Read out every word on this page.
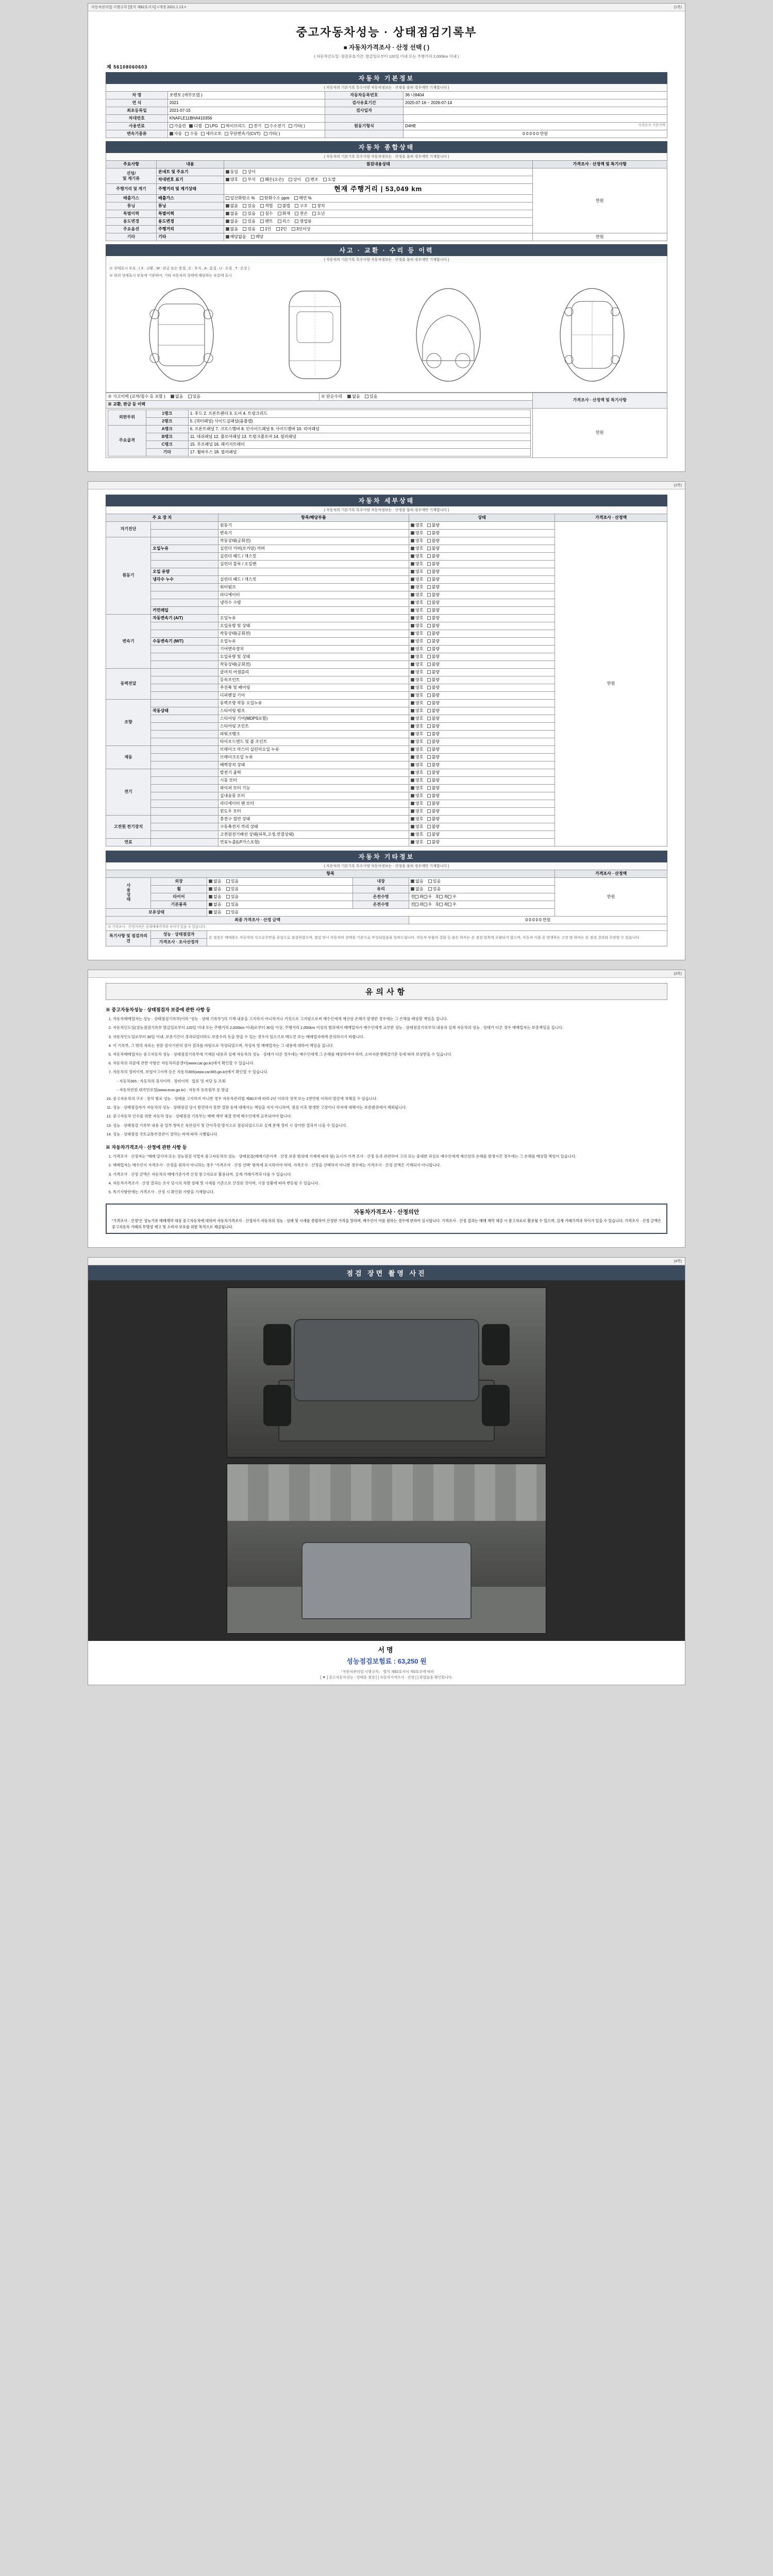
자동차관리법 시행규칙 [별지 제82호서식] <개정 2021.1.13.>	(1쪽)
중고자동차성능 · 상태점검기록부
■ 자동차가격조사 · 산정 선택 ( )
( 자동차인도일: 점검유효기간: 발급일로부터 120일 이내 또는 주행거리 2,000km 이내 )
제 56108060603
자동차 기본정보
( 자동차의 기본기록 특수사양 자동차정보는 · 산정을 불허 경우에만 기재합니다 )
차 명	쏘렌토 (세부모델 )	자동차등록번호	36 나8404
연 식	2021	검사유효기간	2025-07-16 ~ 2026-07-14
최초등록일	2021-07-15	검사일자	
차대번호	KNAFLE11BHA410356		
사용연료	가솔린 디젤 LPG 하이브리드 전기 수소전기 기타( )	원동기형식	D4HE 가격조사 기준가액

변속기종류	자동 수동 세미오토 무단변속기(CVT) 기타( )		0 0 0 0 0 만원
자동차 종합상태
( 자동차의 기본기록 특수사양 자동차정보는 · 산정을 불허 경우에만 기재합니다 )
주요사항	내용	점검내용상태	가격조사 · 산정액 및 특기사항
선팅/
및 계기류	본네트 및 주요기	동일 상이	만원
	차대번호 표기	양호 부식 훼손(오손) 상이 변조 도말	
주행거리 및 계기	주행거리 및 계기상태	현재 주행거리 | 53,049 km	

배출가스	배출가스	일산화탄소 % 탄화수소 ppm 매연 %	
튜닝	튜닝	없음 있음 적법 불법 구조 장치	
특별이력	특별이력	없음 있음 침수 화재 전손 도난	
용도변경	용도변경	없음 있음 렌트 리스 영업용	
주요옵션	주행거리	없음 있음 1인 2인 3인이상	
기타	기타	해당없음 해당	만원
사고 · 교환 · 수리 등 이력
( 자동차의 기본기록 특수사양 자동차정보는 · 산정을 불허 경우에만 기재합니다 )
※ 상태표시 부호 : ( X : 교환 , W : 판금 또는 용접 , C : 부식 , A : 흠집 , U : 요철 , T : 손상 )
※ 위의 상태표시 부호에 기준하여, 기타 자동차의 상태에 해당하는 부분에 표시
※ 사고이력 (교차/침수 등 포함 ) 없음 있음	※ 단순수리 없음 있음	가격조사 · 산정액 및 특기사항
※ 교환, 판금 등 이력

외판부위	1랭크	1. 후드 2. 프론트펜더 3. 도어 4. 트렁크리드
2랭크	5. (쿼터패널) 사이드실패널(룸플랩)
주요골격	A랭크	6. 프론트패널 7. 크로스멤버 8. 인사이드패널 9. 사이드멤버 10. 리어패널
B랭크	11. 대쉬패널 12. 플로어패널 13. 트렁크플로어 14. 필러패널
C랭크	15. 루프패널 16. 패키지트레이
기타	17. 휠하우스 18. 필러패널
	만원
(2쪽)
자동차 세부상태
( 자동차의 기본기록 특수사양 자동차정보는 · 산정을 불허 경우에만 기재합니다 )
주 요 장 치		항목/해당부품	상태	가격조사 · 산정액
자기진단		원동기	양호 불량	만원
		변속기	양호 불량	
원동기		작동상태(공회전)	양호 불량	
	오일누유	실린더 커버(로커암) 커버	양호 불량	
		실린더 헤드 / 개스킷	양호 불량	
		실린더 블록 / 오일팬	양호 불량	
	오일 유량		양호 불량	
	냉각수 누수	실린더 헤드 / 개스킷	양호 불량	
		워터펌프	양호 불량	
		라디에이터	양호 불량	
		냉각수 수량	양호 불량	
	커먼레일		양호 불량	
변속기	자동변속기 (A/T)	오일누유	양호 불량	
		오일유량 및 상태	양호 불량	
		작동상태(공회전)	양호 불량	
	수동변속기 (M/T)	오일누유	양호 불량	
		기어변속장치	양호 불량	
		오일유량 및 상태	양호 불량	
		작동상태(공회전)	양호 불량	
동력전달		클러치 어셈블리	양호 불량	
		등속조인트	양호 불량	
		추진축 및 베어링	양호 불량	
		디퍼렌셜 기어	양호 불량	
조향		동력조향 작동 오일누유	양호 불량	
	작동상태	스티어링 펌프	양호 불량	
		스티어링 기어(MDPS포함)	양호 불량	
		스티어링 조인트	양호 불량	
		파워크랭크	양호 불량	
		타이로드엔드 및 볼 조인트	양호 불량	
제동		브레이크 마스터 실린더오일 누유	양호 불량	
		브레이크오일 누유	양호 불량	
		배력장치 상태	양호 불량	
전기		발전기 출력	양호 불량	
		시동 모터	양호 불량	
		와이퍼 모터 기능	양호 불량	
		실내송풍 모터	양호 불량	
		라디에이터 팬 모터	양호 불량	
		윈도우 모터	양호 불량	
고전원 전기장치		충전구 절연 상태	양호 불량	
		구동축전지 격리 상태	양호 불량	
		고전원전기배선 상태(피복,고정,연결상태)	양호 불량	
연료		연료누출(LP가스포함)	양호 불량	
자동차 기타정보
( 자동차의 기본기록 특수사양 자동차정보는 · 산정을 불허 경우에만 기재합니다 )
항목					가격조사 · 산정액
사용상태	외장	없음 있음	내장	없음 있음	만원
	휠	없음 있음	유리	없음 있음	
	타이어	없음 있음	온전수명	전 좌 우 후 좌 우	
	기본품목	없음 있음	온전수명	전 좌 우 후 좌 우	
보유상태		없음 있음			
최종 가격조사 · 산정 금액				0 0 0 0 0 만원	
※ 가격조사 · 산정가격은 실제매매가격과 차이가 있을 수 있습니다.					
특기사항 및 점검자의견	성능 · 상태점검자	본 점검은 메매용도 자동차의 사고유무만을 중심으로 점검하였으며, 점검 당시 자동차의 상태를 기준으로 작성되었음을 알려드립니다. 자동차 부품의 결함 등 숨은 하자는 본 점검 항목에 포함되지 않으며, 자동차 사용 중 발생하는 고장 및 하자는 본 점검 결과와 무관할 수 있습니다.			
	가격조사 · 조사산정자				
(3쪽)
유의사항
※ 중고자동차성능 · 상태점검자 보증에 관한 사항 등
1. 자동차매매업자는 성능 · 상태점검기록부(이하 "성능 · 상태 기록부")의 기재 내용을 고지하지 아니하거나 거짓으로 고지함으로써 매수인에게 재산상 손해가 발생한 경우에는 그 손해를 배상할 책임을 집니다.
2. 자동차인도일(성능점검기록부 발급일로부터 120일 이내 또는 주행거리 2,000km 이내)로부터 30일 이상, 주행거리 2,000km 이상의 범위에서 매매업자가 매수인에게 교부한 성능 · 상태점검기록부의 내용과 실제 자동차의 성능 · 상태가 다른 경우 매매업자는 보증책임을 집니다.
3. 자동차인도일로부터 30일 이내, 보증기간이 경과되었더라도 보증수리 등을 받을 수 있는 경우가 있으므로 매도인 또는 매매업자에게 문의하시기 바랍니다.
4. 이 기록부, 그 밖의 자료는 전문 검사기관의 검사 결과를 바탕으로 작성되었으며, 작성자 및 매매업자는 그 내용에 대하여 책임을 집니다.
5. 자동차매매업자는 중고자동차 성능 · 상태점검기록부에 기재된 내용과 실제 자동차의 성능 · 상태가 다른 경우에는 매수인에게 그 손해를 배상하여야 하며, 소비자분쟁해결기준 등에 따라 보상받을 수 있습니다.
6. 자동차의 리콜에 관한 사항은 자동차리콜센터(www.car.go.kr)에서 확인할 수 있습니다.
7. 자동차의 정비이력, 보험사고이력 등은 자동차365(www.car365.go.kr)에서 확인할 수 있습니다.
- 자동차365 : 자동차의 검사이력 · 정비이력 · 압류 및 저당 등 조회
- 자동차민원 대국민포털(www.ecar.go.kr) : 자동차 등록원부 등 발급
10. 중고자동차의 구조 · 장치 별로 성능 · 상태를 고지하지 아니한 경우 자동차관리법 제80조에 따라 2년 이하의 징역 또는 2천만원 이하의 벌금에 처해질 수 있습니다.
11. 성능 · 상태점검자가 자동차의 성능 · 상태점검 당시 발견하지 못한 결함 등에 대해서는 책임을 지지 아니하며, 점검 이후 발생한 고장이나 하자에 대해서는 보증범위에서 제외됩니다.
12. 중고자동차 인수를 위한 자동차 성능 · 상태점검 기록부는 매매 계약 체결 전에 매수인에게 교부되어야 합니다.
13. 성능 · 상태점검 기록부 내용 중 일부 항목은 육안검사 및 간이측정 방식으로 점검되었으므로 실제 분해 정비 시 상이한 결과가 나올 수 있습니다.
14. 성능 · 상태점검 국토교통부장관이 정하는 바에 따라 시행됩니다.
※ 자동차가격조사 · 산정에 관한 사항 등
1. 가격조사 · 산정자는 "매매 당사자 또는 성능점검 사업자 중고자동차의 성능 · 상태점검(매매기준가격 · 산정 보증 범위에 기재에 따라 됨) 표시가 가격 조사 · 산정 등과 관련하여 고의 또는 중대한 과실로 매수인에게 재산상의 손해를 발생시킨 경우에는 그 손해를 배상할 책임이 있습니다.
2. 매매업자는 매수인이 가격조사 · 산정을 원하지 아니하는 경우 "가격조사 · 산정 선택" 항목에 표시하여야 하며, 가격조사 · 산정을 선택하지 아니한 경우에는 가격조사 · 산정 금액은 기재되지 아니합니다.
3. 가격조사 · 산정 금액은 자동차의 매매기준가격 산정 참고자료로 활용되며, 실제 거래가격과 다를 수 있습니다.
4. 자동차가격조사 · 산정 결과는 조사 당시의 차량 상태 및 시세를 기준으로 산정된 것이며, 시장 상황에 따라 변동될 수 있습니다.
5. 특기사항란에는 가격조사 · 산정 시 확인된 사항을 기재합니다.
자동차가격조사 · 산정의안

"가격조사 · 산정"은 성능기록 매매계약 대상 중고자동차에 대하여 자동차가격조사 · 산정자가 자동차의 성능 · 상태 및 시세를 종합하여 산정한 가격을 말하며, 매수인이 이를 원하는 경우에 한하여 실시합니다. 가격조사 · 산정 결과는 매매 계약 체결 시 참고자료로 활용될 수 있으며, 실제 거래가격과 차이가 있을 수 있습니다. 가격조사 · 산정 금액은 중고자동차 거래의 투명성 제고 및 소비자 보호를 위한 목적으로 제공됩니다.

(4쪽)
점검 장면 촬영 사진
서명
성능점검보험료 : 63,250 원
「자동차관리법 시행규칙」 별지 제82호서식 제3호조에 따라
[ ▼ ] 중고자동차성능 · 상태를 점검 [ ] 자동차가격조사 · 산정 [ ] 하였음을 확인합니다.
